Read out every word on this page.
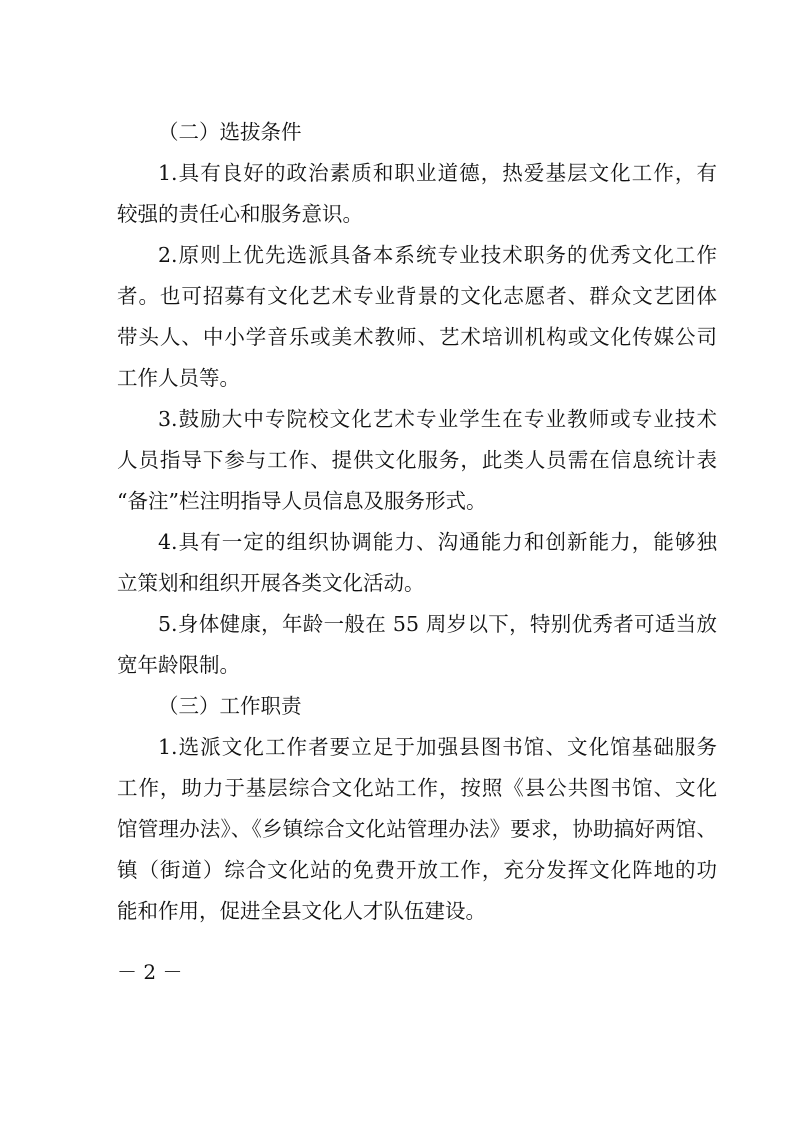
（二）选拔条件

1.具有良好的政治素质和职业道德，热爱基层文化工作，有

较强的责任心和服务意识。

2.原则上优先选派具备本系统专业技术职务的优秀文化工作

者。也可招募有文化艺术专业背景的文化志愿者、群众文艺团体

带头人、中小学音乐或美术教师、艺术培训机构或文化传媒公司

工作人员等。

3.鼓励大中专院校文化艺术专业学生在专业教师或专业技术

人员指导下参与工作、提供文化服务，此类人员需在信息统计表

“备注”栏注明指导人员信息及服务形式。

4.具有一定的组织协调能力、沟通能力和创新能力，能够独

立策划和组织开展各类文化活动。

5.身体健康，年龄一般在 55 周岁以下，特别优秀者可适当放

宽年龄限制。

（三）工作职责

1.选派文化工作者要立足于加强县图书馆、文化馆基础服务

工作，助力于基层综合文化站工作，按照《县公共图书馆、文化

馆管理办法》、《乡镇综合文化站管理办法》要求，协助搞好两馆、

镇（街道）综合文化站的免费开放工作，充分发挥文化阵地的功

能和作用，促进全县文化人才队伍建设。

－ 2 －
